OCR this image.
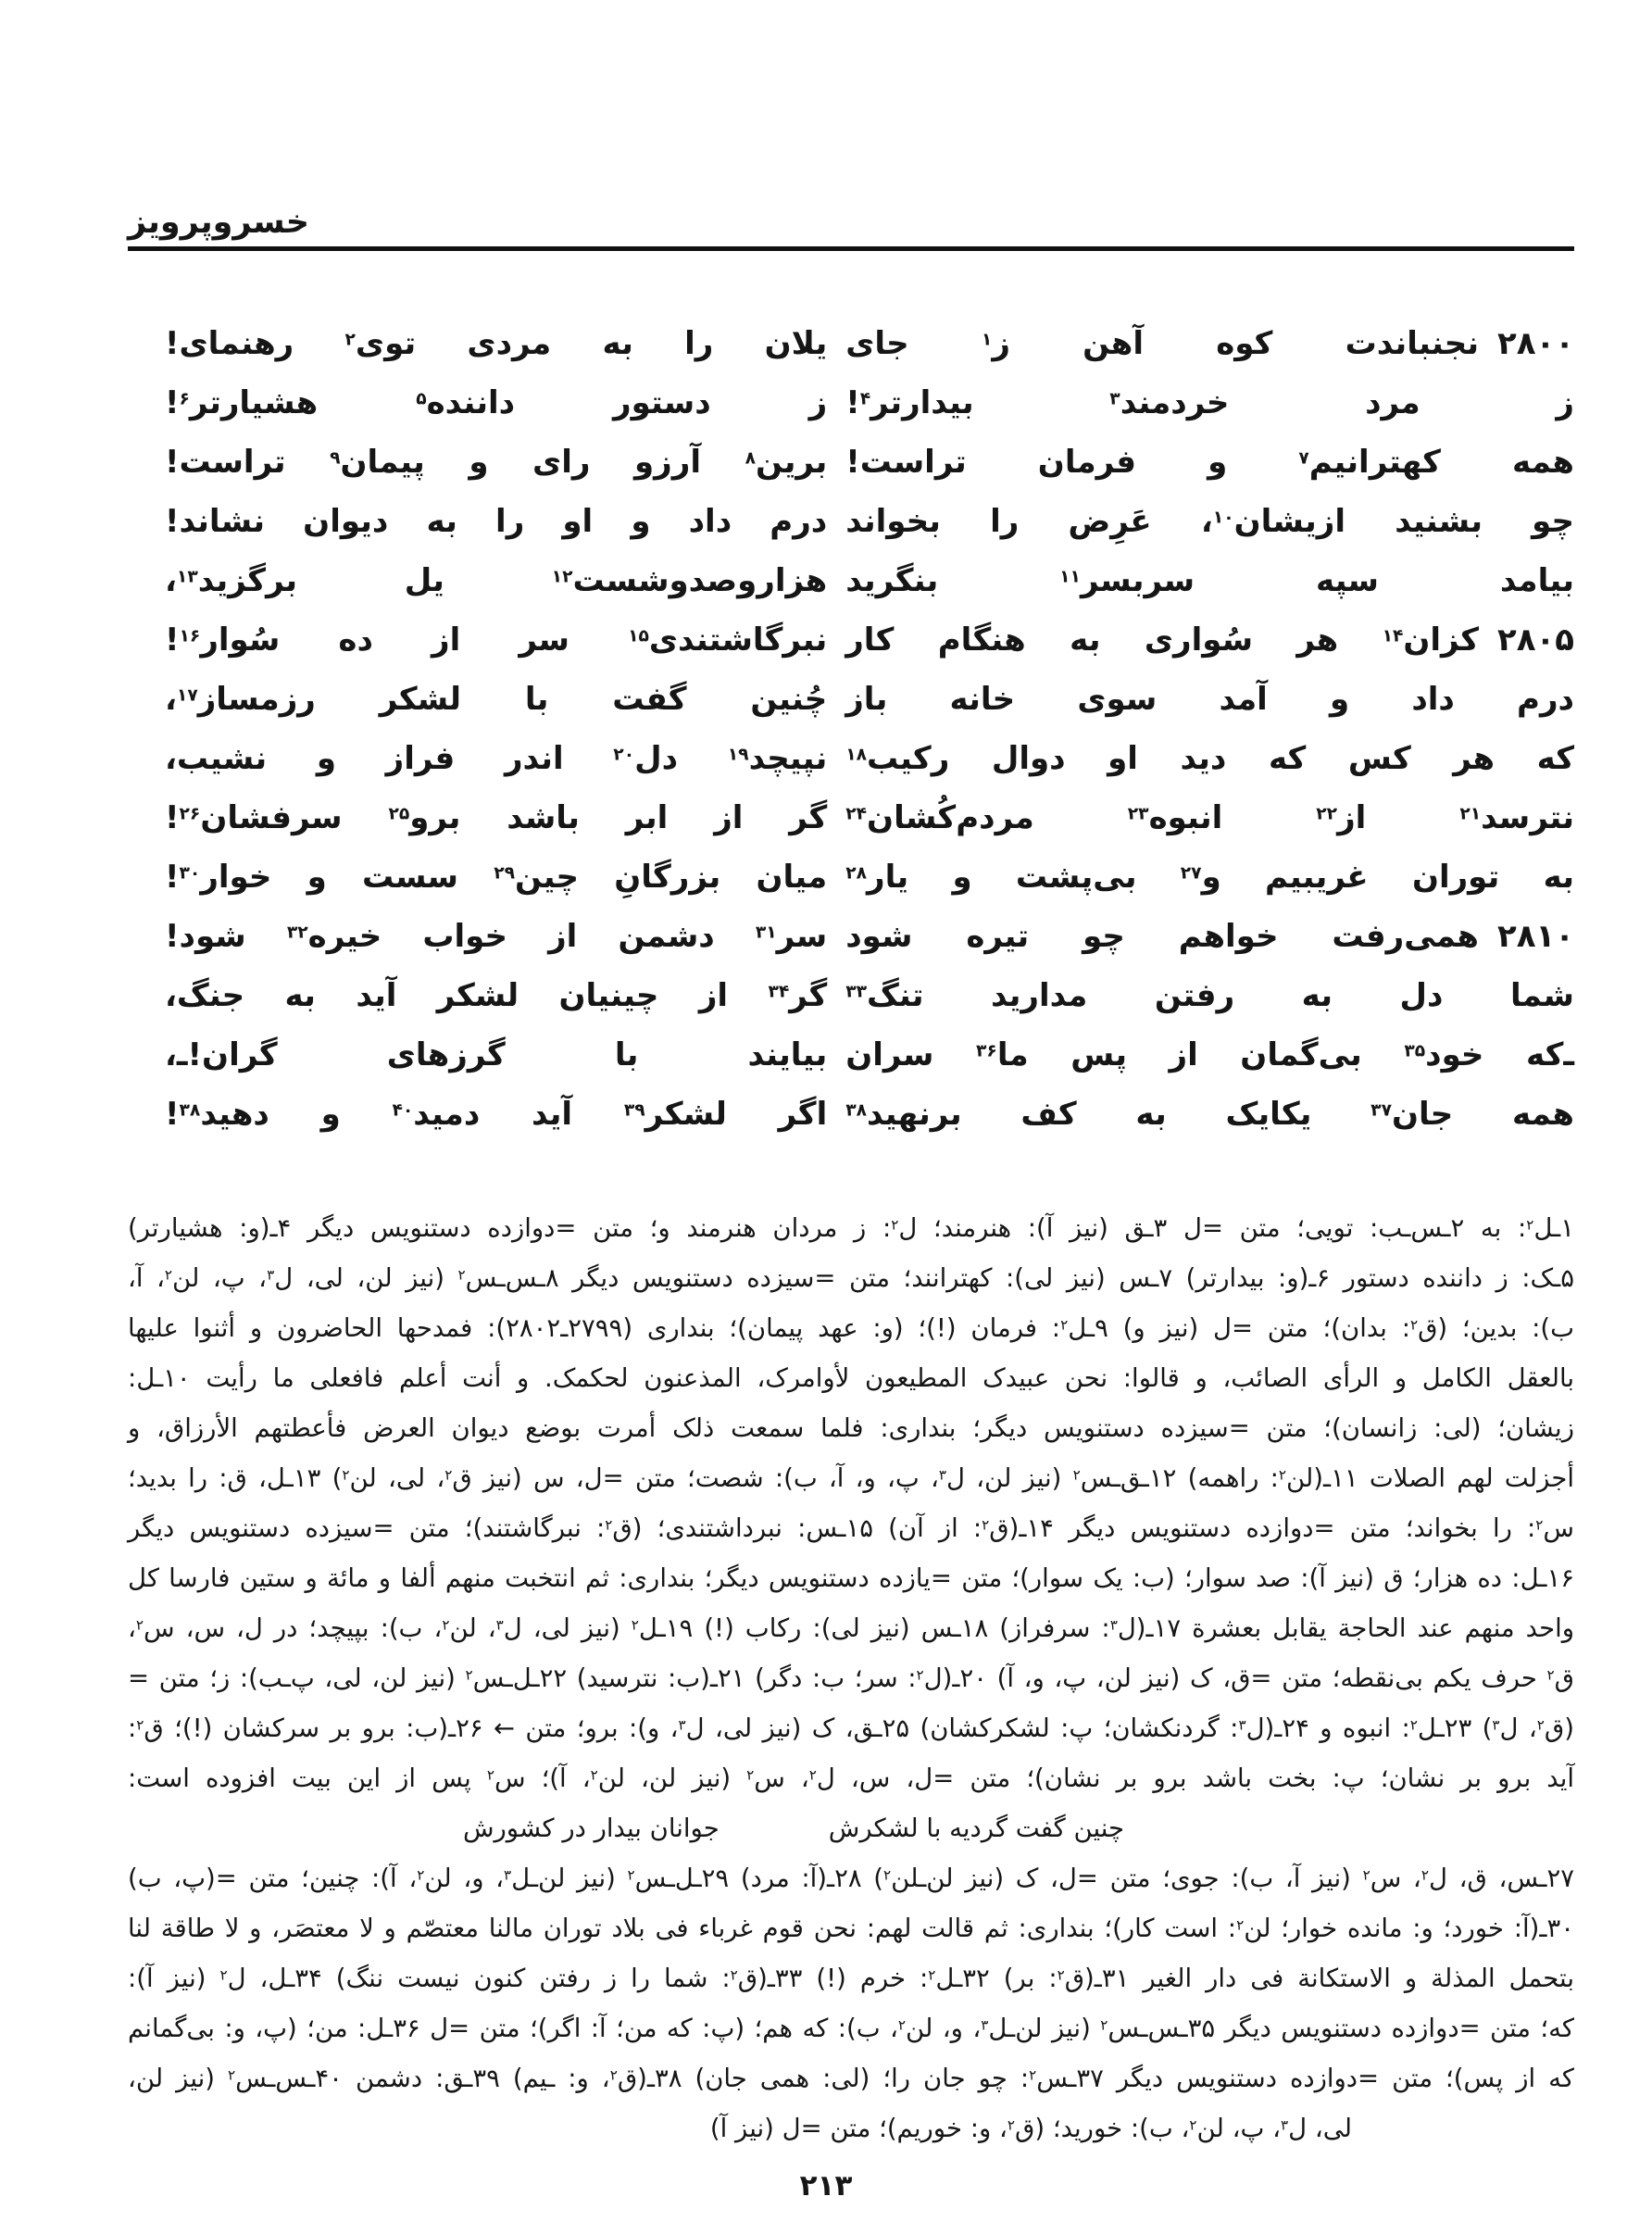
خسروپرویز
۲۸۰۰نجنباندت کوه آهن ز$^۱$ جای
یلان را به مردی توی$^۲$ رهنمای!
ز مرد خردمند$^۳$ بیدارتر$^۴$!
ز دستور داننده$^۵$ هشیارتر$^۶$!
همه کهترانیم$^۷$ و فرمان تراست!
برین$^۸$ آرزو رای و پیمان$^۹$ تراست!
چو بشنید ازیشان$^{۱۰}$، عَرِض را بخواند
درم داد و او را به دیوان نشاند!
بیامد سپه سربسر$^{۱۱}$ بنگرید
هزاروصدوشست$^{۱۲}$ یل برگزید$^{۱۳}$،
۲۸۰۵کزان$^{۱۴}$ هر سُواری به هنگام کار
نبرگاشتندی$^{۱۵}$ سر از ده سُوار$^{۱۶}$!
درم داد و آمد سوی خانه باز
چُنین گفت با لشکر رزمساز$^{۱۷}$،
که هر کس که دید او دوال رکیب$^{۱۸}$
نپیچد$^{۱۹}$ دل$^{۲۰}$ اندر فراز و نشیب،
نترسد$^{۲۱}$ از$^{۲۲}$ انبوه$^{۲۳}$ مردم‌کُشان$^{۲۴}$
گر از ابر باشد برو$^{۲۵}$ سرفشان$^{۲۶}$!
به توران غریبیم و$^{۲۷}$ بی‌پشت و یار$^{۲۸}$
میان بزرگانِ چین$^{۲۹}$ سست و خوار$^{۳۰}$!
۲۸۱۰همی‌رفت خواهم چو تیره شود
سر$^{۳۱}$ دشمن از خواب خیره$^{۳۲}$ شود!
شما دل به رفتن مدارید تنگ$^{۳۳}$
گر$^{۳۴}$ از چینیان لشکر آید به جنگ،
ـ‌که خود$^{۳۵}$ بی‌گمان از پس ما$^{۳۶}$ سران
بیایند با گرزهای گران!ـ،
همه جان$^{۳۷}$ یکایک به کف برنهید$^{۳۸}$
اگر لشکر$^{۳۹}$ آید دمید$^{۴۰}$ و دهید$^{۳۸}$!
۱ـل$^۲$: به ۲ـس‌ـب: تویی؛ متن =ل ۳ـق (نیز آ): هنرمند؛ ل$^۲$: ز مردان هنرمند و؛ متن =دوازده دستنویس دیگر ۴ـ(و: هشیارتر)
۵ـک: ز داننده دستور ۶ـ(و: بیدارتر) ۷ـس (نیز لی): کهترانند؛ متن =سیزده دستنویس دیگر ۸ـس‌ـس$^۲$ (نیز لن، لی، ل$^۳$، پ، لن$^۲$، آ،
ب): بدین؛ (ق$^۲$: بدان)؛ متن =ل (نیز و) ۹ـل$^۲$: فرمان (!)؛ (و: عهد پیمان)؛ بنداری (۲۷۹۹ـ۲۸۰۲): فمدحها الحاضرون و أثنوا علیها
بالعقل الکامل و الرأی الصائب، و قالوا: نحن عبیدک المطیعون لأوامرک، المذعنون لحکمک. و أنت أعلم فافعلی ما رأیت ۱۰ـل:
زیشان؛ (لی: زانسان)؛ متن =سیزده دستنویس دیگر؛ بنداری: فلما سمعت ذلک أمرت بوضع دیوان العرض فأعطتهم الأرزاق، و
أجزلت لهم الصلات ۱۱ـ(لن$^۲$: راهمه) ۱۲ـق‌ـس$^۲$ (نیز لن، ل$^۳$، پ، و، آ، ب): شصت؛ متن =ل، س (نیز ق$^۲$، لی، لن$^۲$) ۱۳ـل، ق: را بدید؛
س$^۲$: را بخواند؛ متن =دوازده دستنویس دیگر ۱۴ـ(ق$^۲$: از آن) ۱۵ـس: نبرداشتندی؛ (ق$^۲$: نبرگاشتند)؛ متن =سیزده دستنویس دیگر
۱۶ـل: ده هزار؛ ق (نیز آ): صد سوار؛ (ب: یک سوار)؛ متن =یازده دستنویس دیگر؛ بنداری: ثم انتخبت منهم ألفا و مائة و ستین فارسا کل
واحد منهم عند الحاجة یقابل بعشرة ۱۷ـ(ل$^۳$: سرفراز) ۱۸ـس (نیز لی): رکاب (!) ۱۹ـل$^۲$ (نیز لی، ل$^۳$، لن$^۲$، ب): بپیچد؛ در ل، س، س$^۲$،
ق$^۲$ حرف یکم بی‌نقطه؛ متن =ق، ک (نیز لن، پ، و، آ) ۲۰ـ(ل$^۲$: سر؛ ب: دگر) ۲۱ـ(ب: نترسید) ۲۲ـل‌ـس$^۲$ (نیز لن، لی، پ‌ـب): ز؛ متن =
(ق$^۲$، ل$^۳$) ۲۳ـل$^۲$: انبوه و ۲۴ـ(ل$^۳$: گردنکشان؛ پ: لشکرکشان) ۲۵ـق، ک (نیز لی، ل$^۳$، و): برو؛ متن ← ۲۶ـ(ب: برو بر سرکشان (!)؛ ق$^۲$:
آید برو بر نشان؛ پ: بخت باشد برو بر نشان)؛ متن =ل، س، ل$^۲$، س$^۲$ (نیز لن، لن$^۲$، آ)؛ س$^۲$ پس از این بیت افزوده است:
چنین گفت گردیه با لشکرش
جوانان بیدار در کشورش
۲۷ـس، ق، ل$^۲$، س$^۲$ (نیز آ، ب): جوی؛ متن =ل، ک (نیز لن‌ـلن$^۲$) ۲۸ـ(آ: مرد) ۲۹ـل‌ـس$^۲$ (نیز لن‌ـل$^۳$، و، لن$^۲$، آ): چنین؛ متن =(پ، ب)
۳۰ـ(آ: خورد؛ و: مانده خوار؛ لن$^۲$: است کار)؛ بنداری: ثم قالت لهم: نحن قوم غرباء فی بلاد توران مالنا معتصّم و لا معتصَر، و لا طاقة لنا
بتحمل المذلة و الاستکانة فی دار الغیر ۳۱ـ(ق$^۲$: بر) ۳۲ـل$^۲$: خرم (!) ۳۳ـ(ق$^۲$: شما را ز رفتن کنون نیست ننگ) ۳۴ـل، ل$^۲$ (نیز آ):
که؛ متن =دوازده دستنویس دیگر ۳۵ـس‌ـس$^۲$ (نیز لن‌ـل$^۳$، و، لن$^۲$، ب): که هم؛ (پ: که من؛ آ: اگر)؛ متن =ل ۳۶ـل: من؛ (پ، و: بی‌گمانم
که از پس)؛ متن =دوازده دستنویس دیگر ۳۷ـس$^۲$: چو جان را؛ (لی: همی جان) ۳۸ـ(ق$^۲$، و: ـیم) ۳۹ـق: دشمن ۴۰ـس‌ـس$^۲$ (نیز لن،
لی، ل$^۳$، پ، لن$^۲$، ب): خورید؛ (ق$^۲$، و: خوریم)؛ متن =ل (نیز آ)
۲۱۳
